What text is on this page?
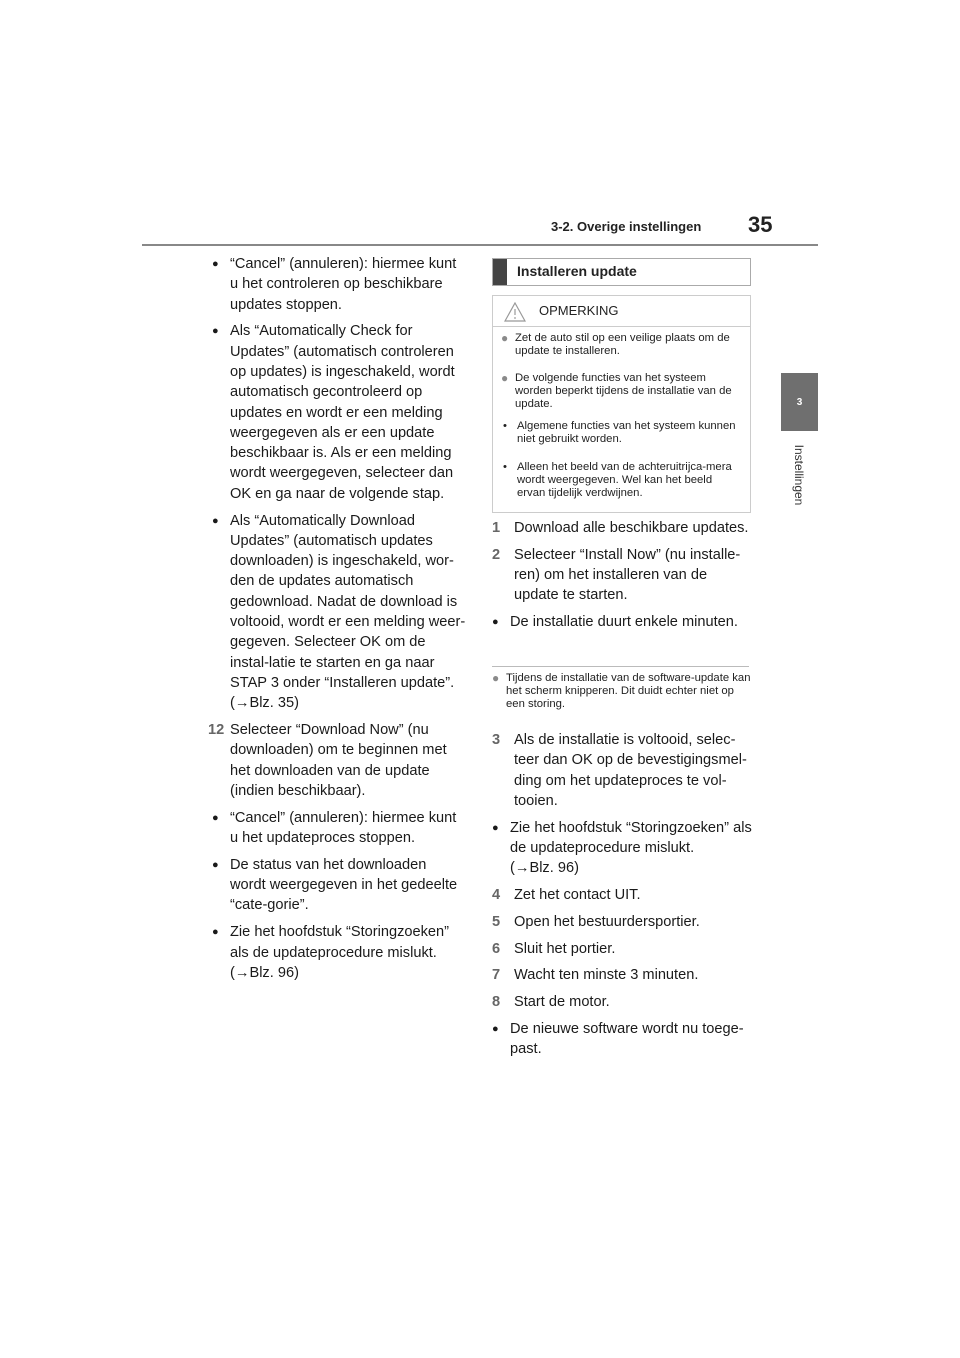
3-2. Overige instellingen 35
3
Instellingen
● “Cancel” (annuleren): hiermee kunt u het controleren op beschikbare updates stoppen.
● Als “Automatically Check for Updates” (automatisch controleren op updates) is ingeschakeld, wordt automatisch gecontroleerd op updates en wordt er een melding weergegeven als er een update beschikbaar is. Als er een melding wordt weergegeven, selecteer dan OK en ga naar de volgende stap.
● Als “Automatically Download Updates” (automatisch updates downloaden) is ingeschakeld, wor-den de updates automatisch gedownload. Nadat de download is voltooid, wordt er een melding weer-gegeven. Selecteer OK om de instal-latie te starten en ga naar STAP 3 onder “Installeren update”.
(→Blz. 35)
12 Selecteer “Download Now” (nu downloaden) om te beginnen met het downloaden van de update (indien beschikbaar).
● “Cancel” (annuleren): hiermee kunt u het updateproces stoppen.
● De status van het downloaden wordt weergegeven in het gedeelte “cate-gorie”.
● Zie het hoofdstuk “Storingzoeken” als de updateprocedure mislukt.
(→Blz. 96)
Installeren update
OPMERKING
● Zet de auto stil op een veilige plaats om de update te installeren.
● De volgende functies van het systeem worden beperkt tijdens de installatie van de update.
• Algemene functies van het systeem kunnen niet gebruikt worden.
• Alleen het beeld van de achteruitrijca-mera wordt weergegeven. Wel kan het beeld ervan tijdelijk verdwijnen.
1 Download alle beschikbare updates.
2 Selecteer “Install Now” (nu installe-ren) om het installeren van de update te starten.
● De installatie duurt enkele minuten.
● Tijdens de installatie van de software-update kan het scherm knipperen. Dit duidt echter niet op een storing.
3 Als de installatie is voltooid, selec-teer dan OK op de bevestigingsmel-ding om het updateproces te vol-tooien.
● Zie het hoofdstuk “Storingzoeken” als de updateprocedure mislukt.
(→Blz. 96)
4 Zet het contact UIT.
5 Open het bestuurdersportier.
6 Sluit het portier.
7 Wacht ten minste 3 minuten.
8 Start de motor.
● De nieuwe software wordt nu toege-past.
